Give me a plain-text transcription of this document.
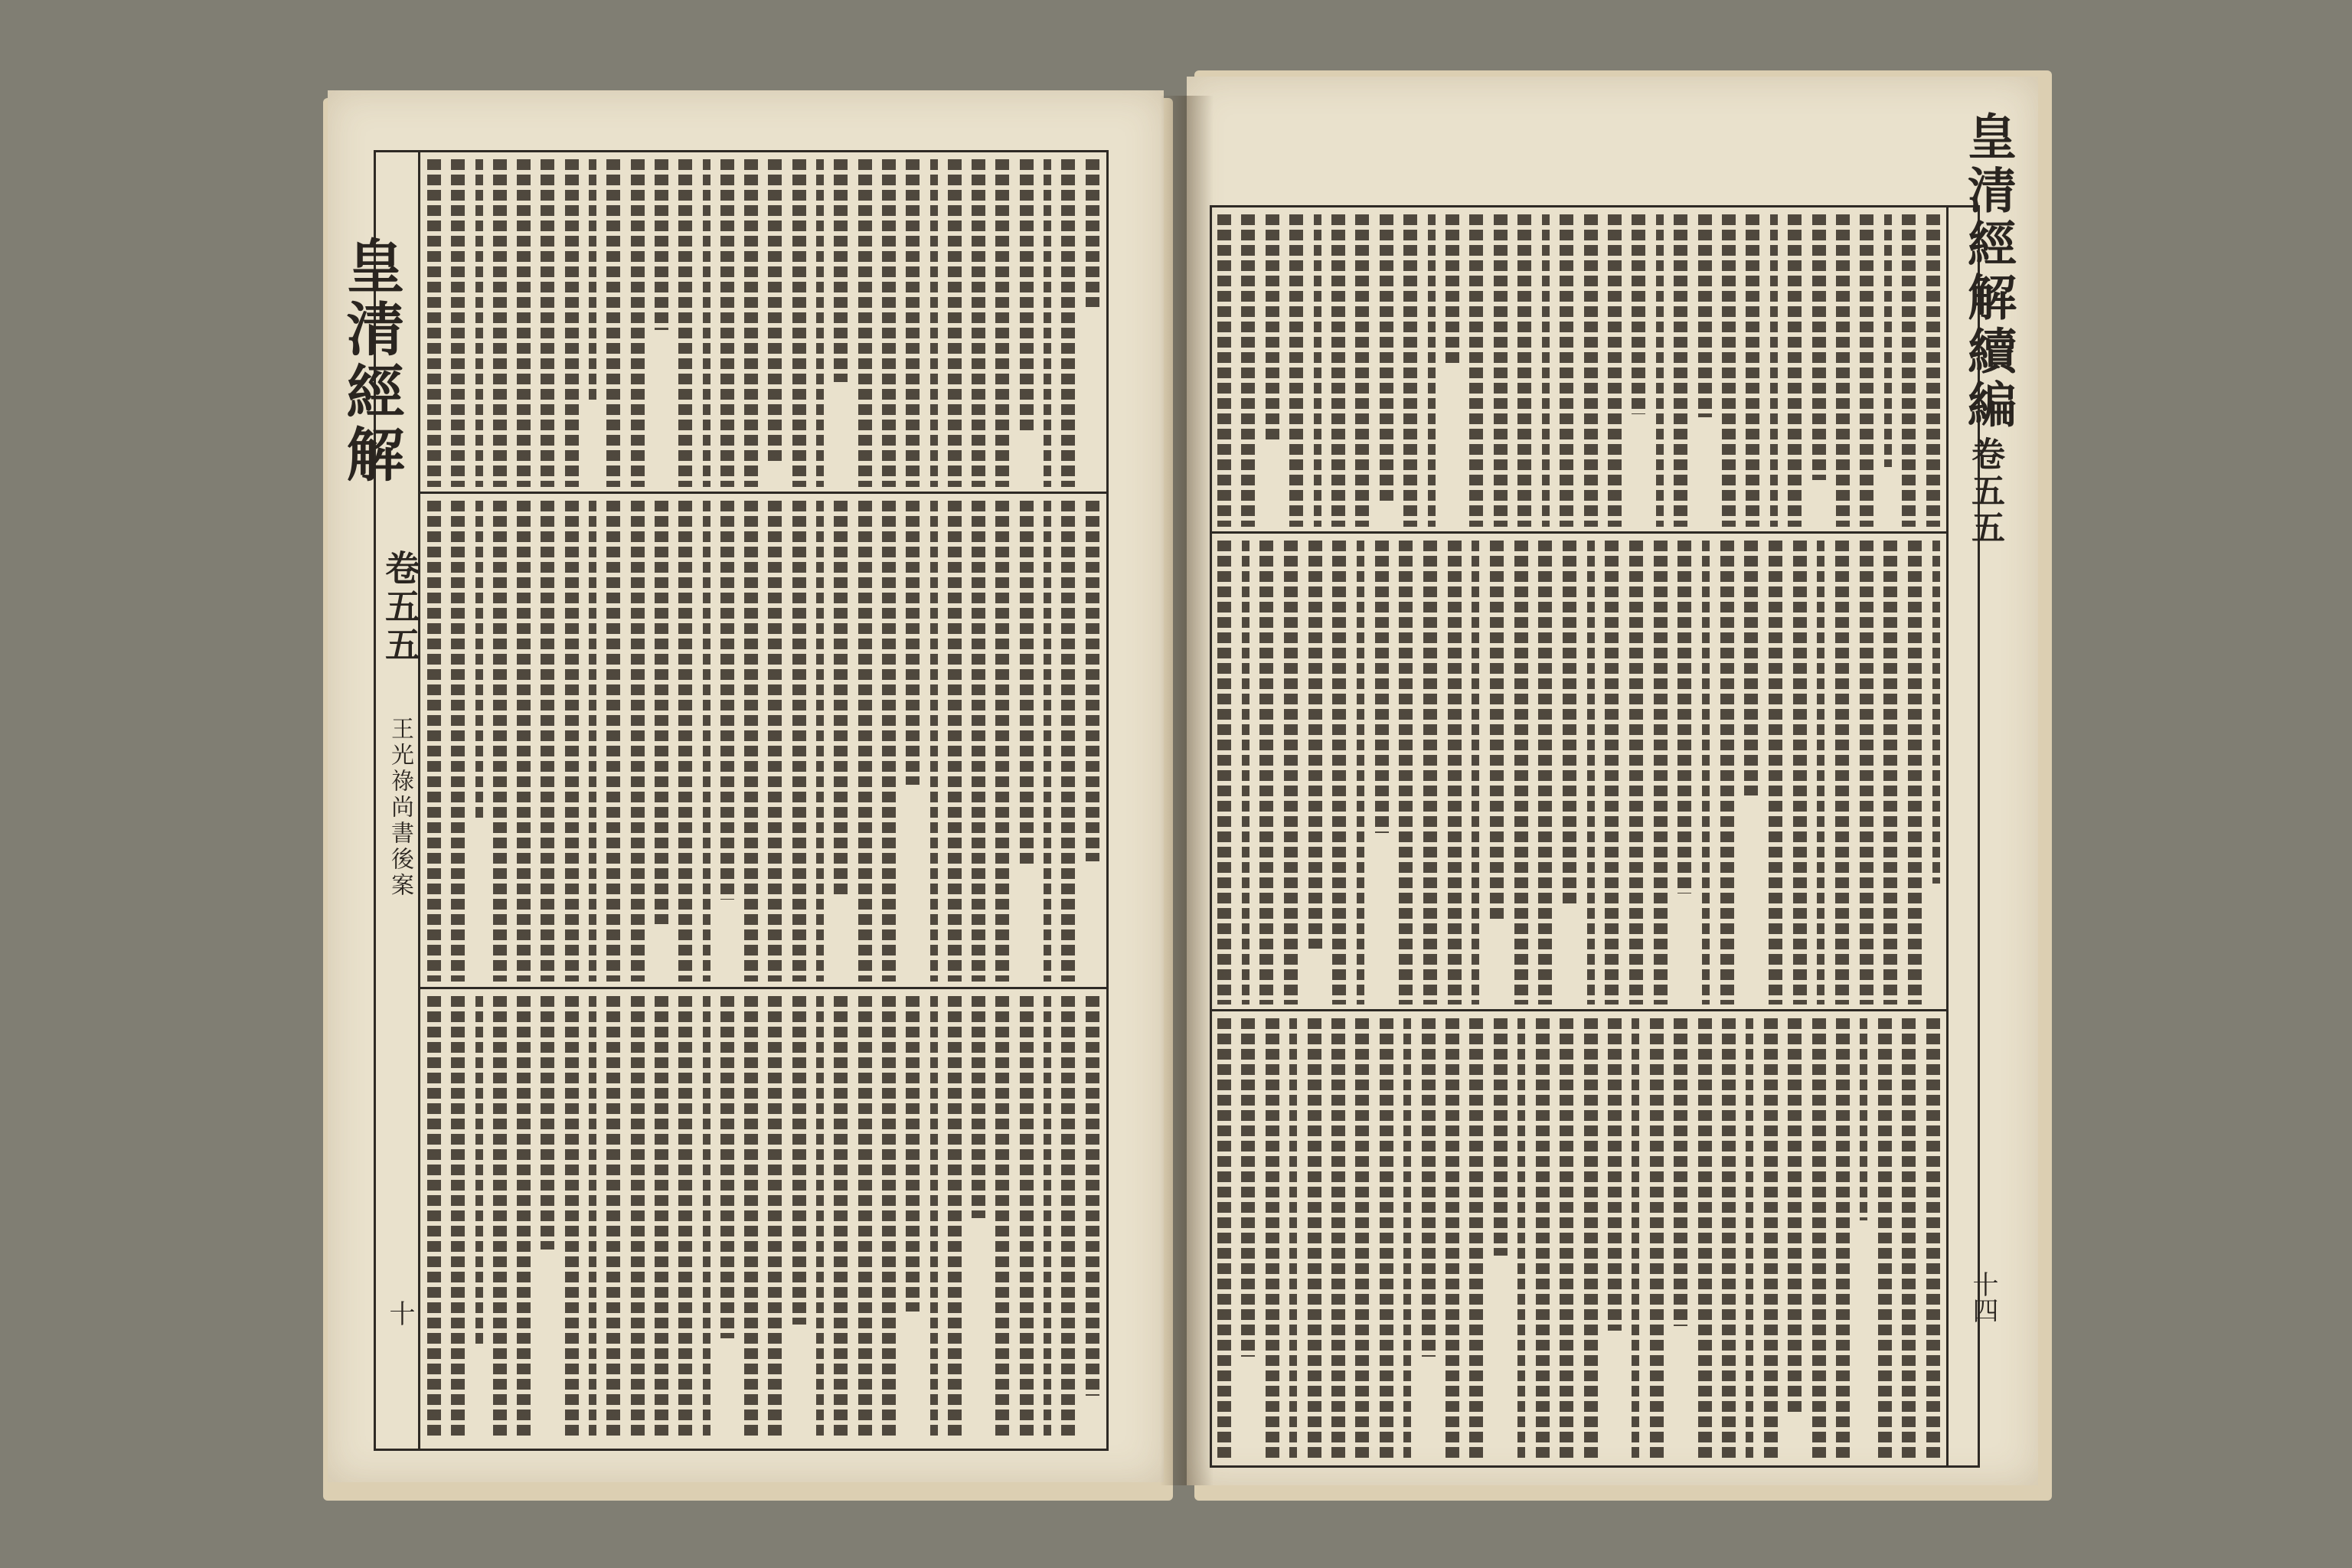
皇清經解
卷五五
王光祿尚書後案
十
皇清經解續編
卷五五
十四
